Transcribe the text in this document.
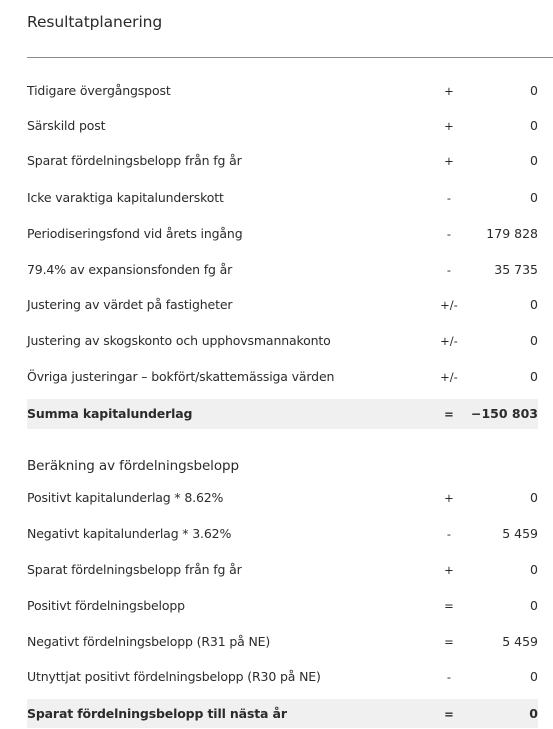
Resultatplanering
Tidigare övergångspost	+	0
Särskild post	+	0
Sparat fördelningsbelopp från fg år	+	0
Icke varaktiga kapitalunderskott	-	0
Periodiseringsfond vid årets ingång	-	179 828
79.4% av expansionsfonden fg år	-	35 735
Justering av värdet på fastigheter	+/-	0
Justering av skogskonto och upphovsmannakonto	+/-	0
Övriga justeringar – bokfört/skattemässiga värden	+/-	0
Summa kapitalunderlag	=	−150 803
Beräkning av fördelningsbelopp
Positivt kapitalunderlag * 8.62%	+	0
Negativt kapitalunderlag * 3.62%	-	5 459
Sparat fördelningsbelopp från fg år	+	0
Positivt fördelningsbelopp	=	0
Negativt fördelningsbelopp (R31 på NE)	=	5 459
Utnyttjat positivt fördelningsbelopp (R30 på NE)	-	0
Sparat fördelningsbelopp till nästa år	=	0
